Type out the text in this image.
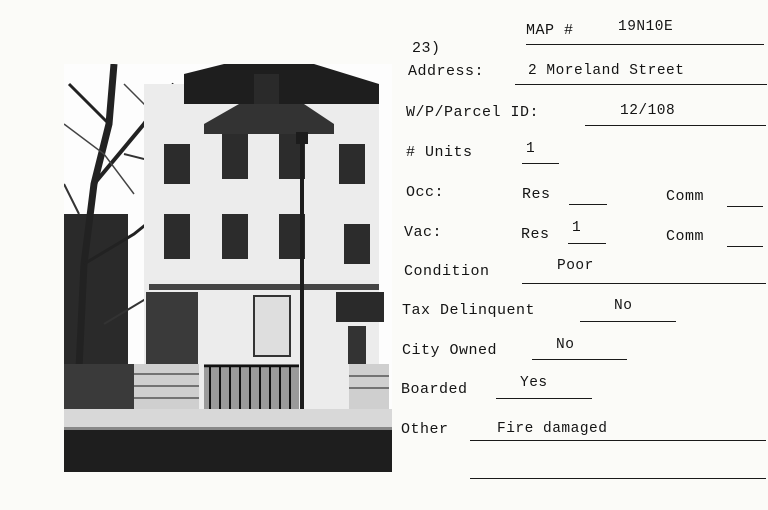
MAP #	19N10E
23)
Address:	2 Moreland Street
W/P/Parcel ID:	12/108
# Units	1
Occ:	Res	Comm
Vac:	Res 1	Comm
Condition	Poor
Tax Delinquent	No
City Owned	No
Boarded	Yes
Other	Fire damaged
